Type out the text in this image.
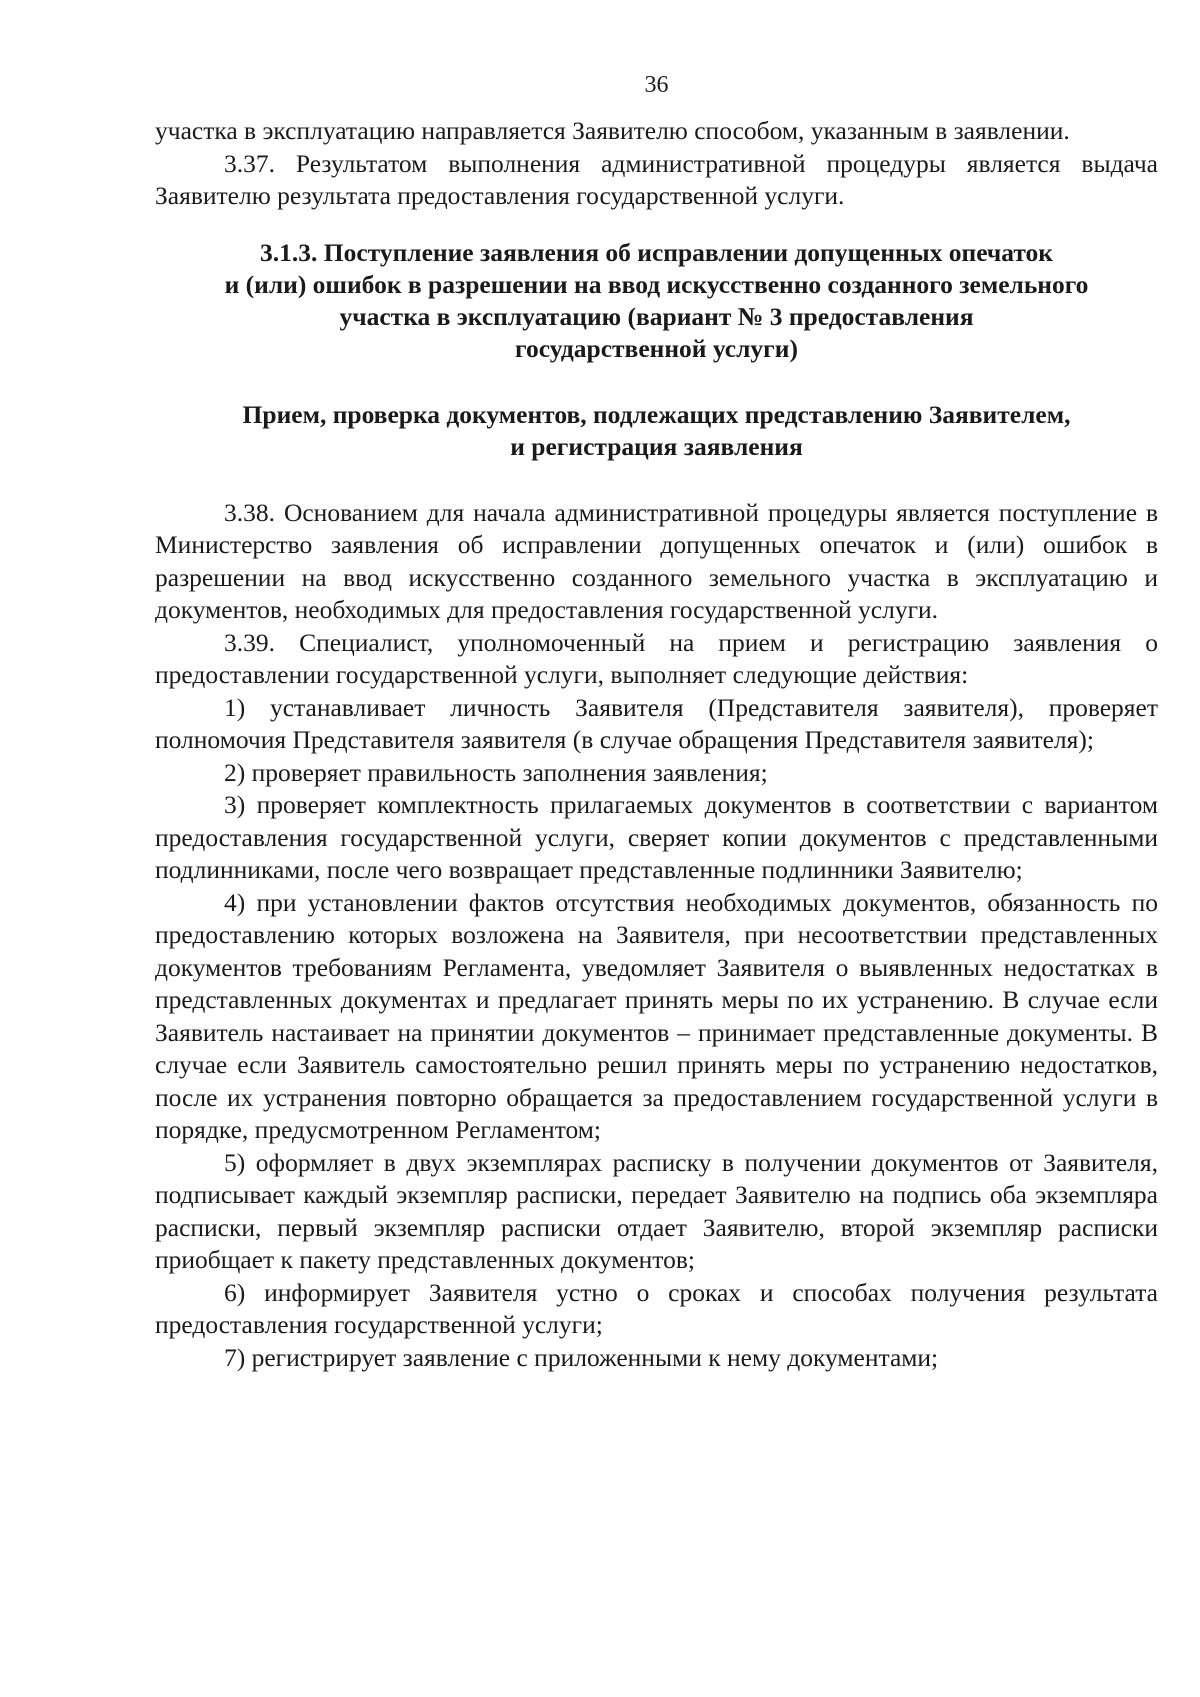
36

участка в эксплуатацию направляется Заявителю способом, указанным в заявлении.

3.37. Результатом выполнения административной процедуры является выдача Заявителю результата предоставления государственной услуги.

3.1.3. Поступление заявления об исправлении допущенных опечаток
и (или) ошибок в разрешении на ввод искусственно созданного земельного
участка в эксплуатацию (вариант № 3 предоставления
государственной услуги)
Прием, проверка документов, подлежащих представлению Заявителем,
и регистрация заявления

3.38. Основанием для начала административной процедуры является поступление в Министерство заявления об исправлении допущенных опечаток и (или) ошибок в разрешении на ввод искусственно созданного земельного участка в эксплуатацию и документов, необходимых для предоставления государственной услуги.

3.39. Специалист, уполномоченный на прием и регистрацию заявления о предоставлении государственной услуги, выполняет следующие действия:

1) устанавливает личность Заявителя (Представителя заявителя), проверяет полномочия Представителя заявителя (в случае обращения Представителя заявителя);

2) проверяет правильность заполнения заявления;

3) проверяет комплектность прилагаемых документов в соответствии с вариантом предоставления государственной услуги, сверяет копии документов с представленными подлинниками, после чего возвращает представленные подлинники Заявителю;

4) при установлении фактов отсутствия необходимых документов, обязанность по предоставлению которых возложена на Заявителя, при несоответствии представленных документов требованиям Регламента, уведомляет Заявителя о выявленных недостатках в представленных документах и предлагает принять меры по их устранению. В случае если Заявитель настаивает на принятии документов – принимает представленные документы. В случае если Заявитель самостоятельно решил принять меры по устранению недостатков, после их устранения повторно обращается за предоставлением государственной услуги в порядке, предусмотренном Регламентом;

5) оформляет в двух экземплярах расписку в получении документов от Заявителя, подписывает каждый экземпляр расписки, передает Заявителю на подпись оба экземпляра расписки, первый экземпляр расписки отдает Заявителю, второй экземпляр расписки приобщает к пакету представленных документов;

6) информирует Заявителя устно о сроках и способах получения результата предоставления государственной услуги;

7) регистрирует заявление с приложенными к нему документами;
